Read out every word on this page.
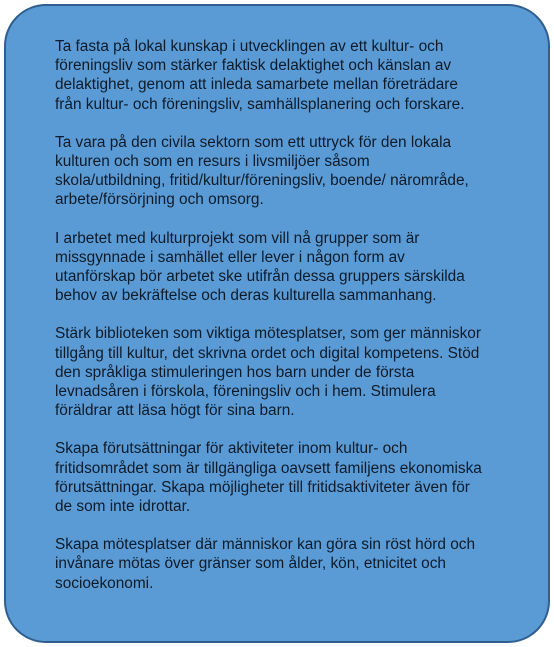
Ta fasta på lokal kunskap i utvecklingen av ett kultur- och
föreningsliv som stärker faktisk delaktighet och känslan av
delaktighet, genom att inleda samarbete mellan företrädare
från kultur- och föreningsliv, samhällsplanering och forskare.
Ta vara på den civila sektorn som ett uttryck för den lokala
kulturen och som en resurs i livsmiljöer såsom
skola/utbildning, fritid/kultur/föreningsliv, boende/ närområde,
arbete/försörjning och omsorg.
I arbetet med kulturprojekt som vill nå grupper som är
missgynnade i samhället eller lever i någon form av
utanförskap bör arbetet ske utifrån dessa gruppers särskilda
behov av bekräftelse och deras kulturella sammanhang.
Stärk biblioteken som viktiga mötesplatser, som ger människor
tillgång till kultur, det skrivna ordet och digital kompetens. Stöd
den språkliga stimuleringen hos barn under de första
levnadsåren i förskola, föreningsliv och i hem. Stimulera
föräldrar att läsa högt för sina barn.
Skapa förutsättningar för aktiviteter inom kultur- och
fritidsområdet som är tillgängliga oavsett familjens ekonomiska
förutsättningar. Skapa möjligheter till fritidsaktiviteter även för
de som inte idrottar.
Skapa mötesplatser där människor kan göra sin röst hörd och
invånare mötas över gränser som ålder, kön, etnicitet och
socioekonomi.
